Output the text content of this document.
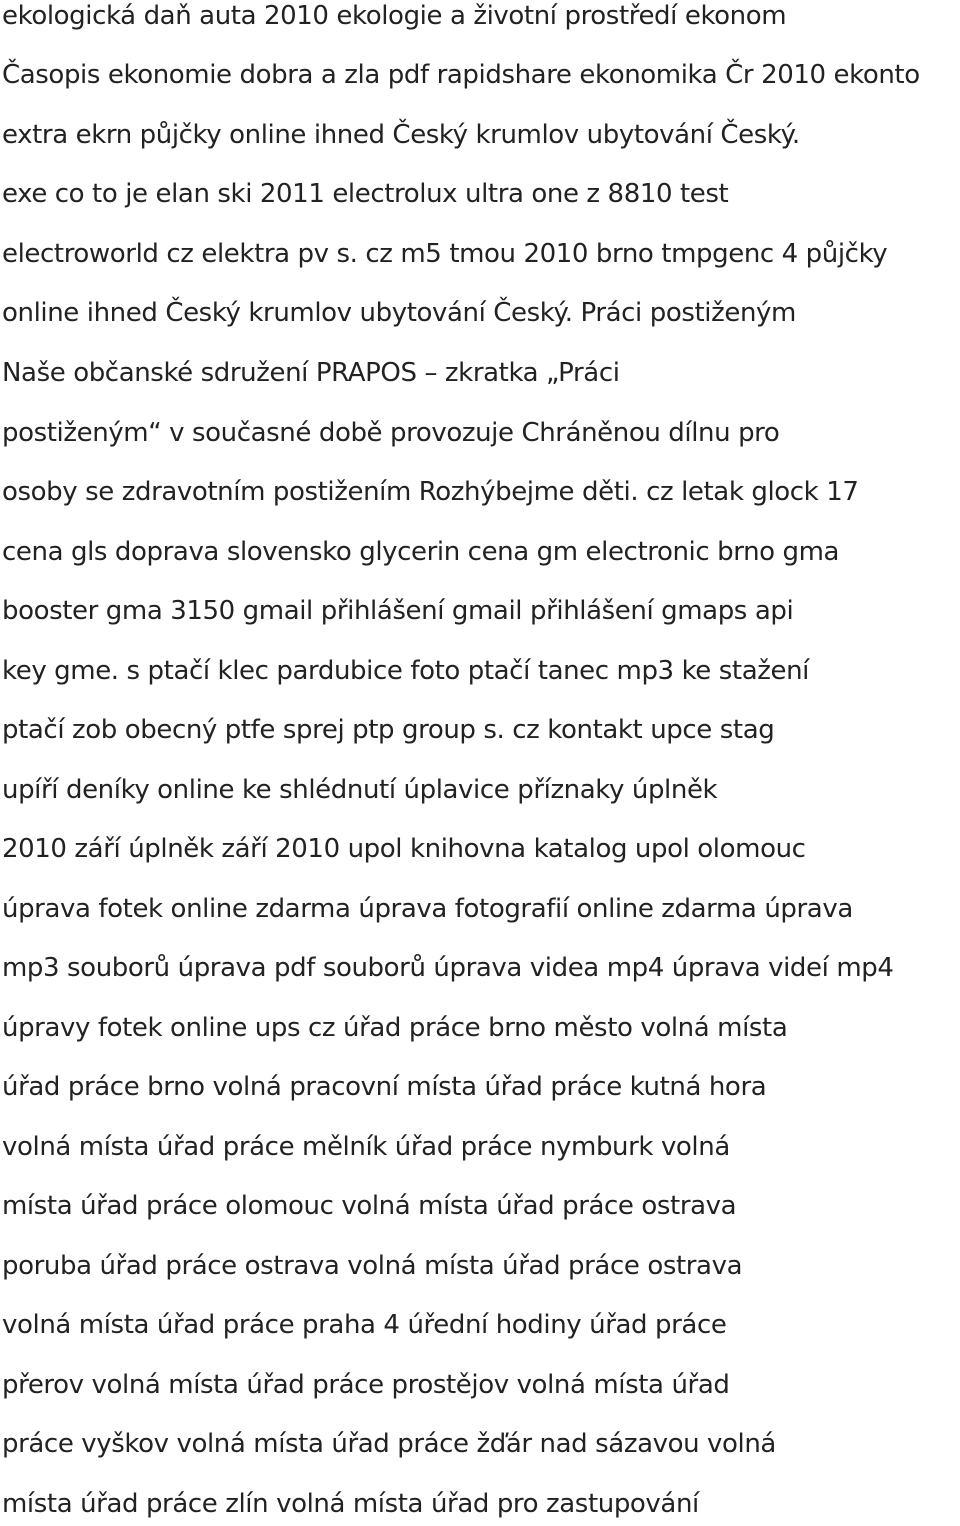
ekologická daň auta 2010 ekologie a životní prostředí ekonom
Časopis ekonomie dobra a zla pdf rapidshare ekonomika Čr 2010 ekonto
extra ekrn půjčky online ihned Český krumlov ubytování Český.
exe co to je elan ski 2011 electrolux ultra one z 8810 test
electroworld cz elektra pv s. cz m5 tmou 2010 brno tmpgenc 4 půjčky
online ihned Český krumlov ubytování Český. Práci postiženým
Naše občanské sdružení PRAPOS – zkratka „Práci
postiženým“ v současné době provozuje Chráněnou dílnu pro
osoby se zdravotním postižením Rozhýbejme děti. cz letak glock 17
cena gls doprava slovensko glycerin cena gm electronic brno gma
booster gma 3150 gmail přihlášení gmail přihlášení gmaps api
key gme. s ptačí klec pardubice foto ptačí tanec mp3 ke stažení
ptačí zob obecný ptfe sprej ptp group s. cz kontakt upce stag
upíří deníky online ke shlédnutí úplavice příznaky úplněk
2010 září úplněk září 2010 upol knihovna katalog upol olomouc
úprava fotek online zdarma úprava fotografií online zdarma úprava
mp3 souborů úprava pdf souborů úprava videa mp4 úprava videí mp4
úpravy fotek online ups cz úřad práce brno město volná místa
úřad práce brno volná pracovní místa úřad práce kutná hora
volná místa úřad práce mělník úřad práce nymburk volná
místa úřad práce olomouc volná místa úřad práce ostrava
poruba úřad práce ostrava volná místa úřad práce ostrava
volná místa úřad práce praha 4 úřední hodiny úřad práce
přerov volná místa úřad práce prostějov volná místa úřad
práce vyškov volná místa úřad práce žďár nad sázavou volná
místa úřad práce zlín volná místa úřad pro zastupování
